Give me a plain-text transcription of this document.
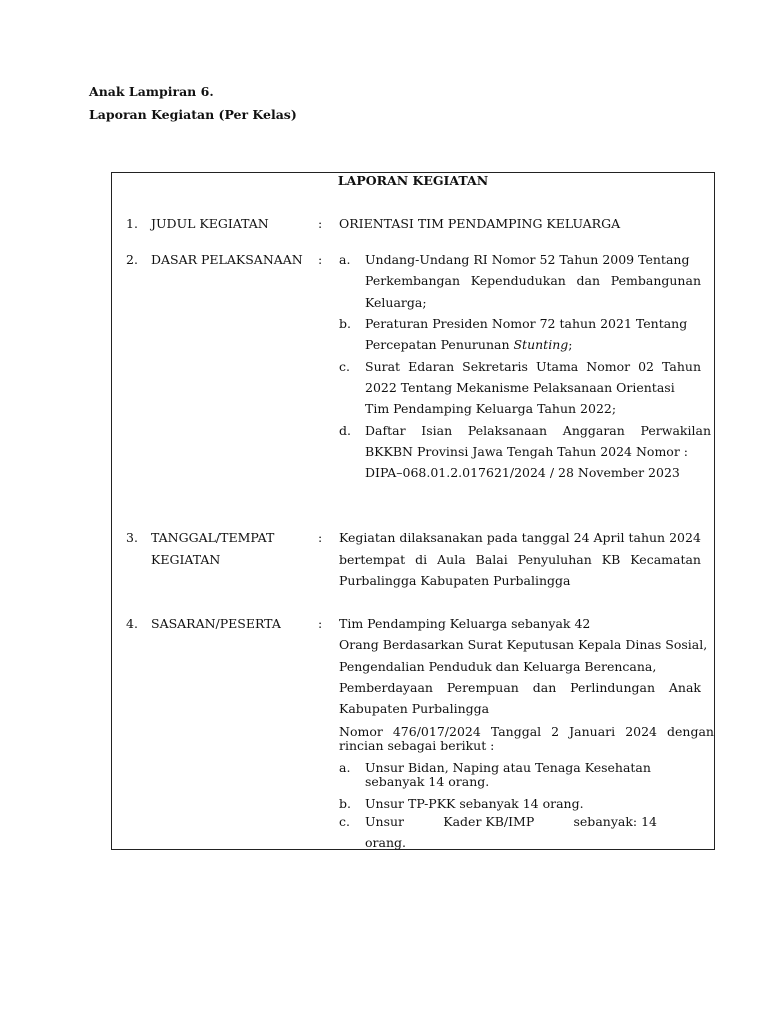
Anak Lampiran 6.
Laporan Kegiatan (Per Kelas)
LAPORAN KEGIATAN
1. JUDUL KEGIATAN	: ORIENTASI TIM PENDAMPING KELUARGA
2. DASAR PELAKSANAAN : a. Undang-Undang RI Nomor 52 Tahun 2009 Tentang
Perkembangan Kependudukan dan Pembangunan
Keluarga;
b. Peraturan Presiden Nomor 72 tahun 2021 Tentang
Percepatan Penurunan Stunting;
c. Surat Edaran Sekretaris Utama Nomor 02 Tahun
2022 Tentang Mekanisme Pelaksanaan Orientasi
Tim Pendamping Keluarga Tahun 2022;
d. Daftar Isian Pelaksanaan Anggaran Perwakilan
BKKBN Provinsi Jawa Tengah Tahun 2024 Nomor :
DIPA–068.01.2.017621/2024 / 28 November 2023
3. TANGGAL/TEMPAT
KEGIATAN
: Kegiatan dilaksanakan pada tanggal 24 April tahun 2024
bertempat di Aula Balai Penyuluhan KB Kecamatan
Purbalingga Kabupaten Purbalingga
4. SASARAN/PESERTA	: Tim Pendamping Keluarga sebanyak 42
Orang Berdasarkan Surat Keputusan Kepala Dinas Sosial,
Pengendalian Penduduk dan Keluarga Berencana,
Pemberdayaan Perempuan dan Perlindungan Anak
Kabupaten Purbalingga
Nomor 476/017/2024 Tanggal 2 Januari 2024 dengan
rincian sebagai berikut :
a. Unsur Bidan, Naping atau Tenaga Kesehatan
sebanyak 14 orang.
b. Unsur TP-PKK sebanyak 14 orang.
c. Unsur	Kader KB/IMP	sebanyak: 14
orang.
